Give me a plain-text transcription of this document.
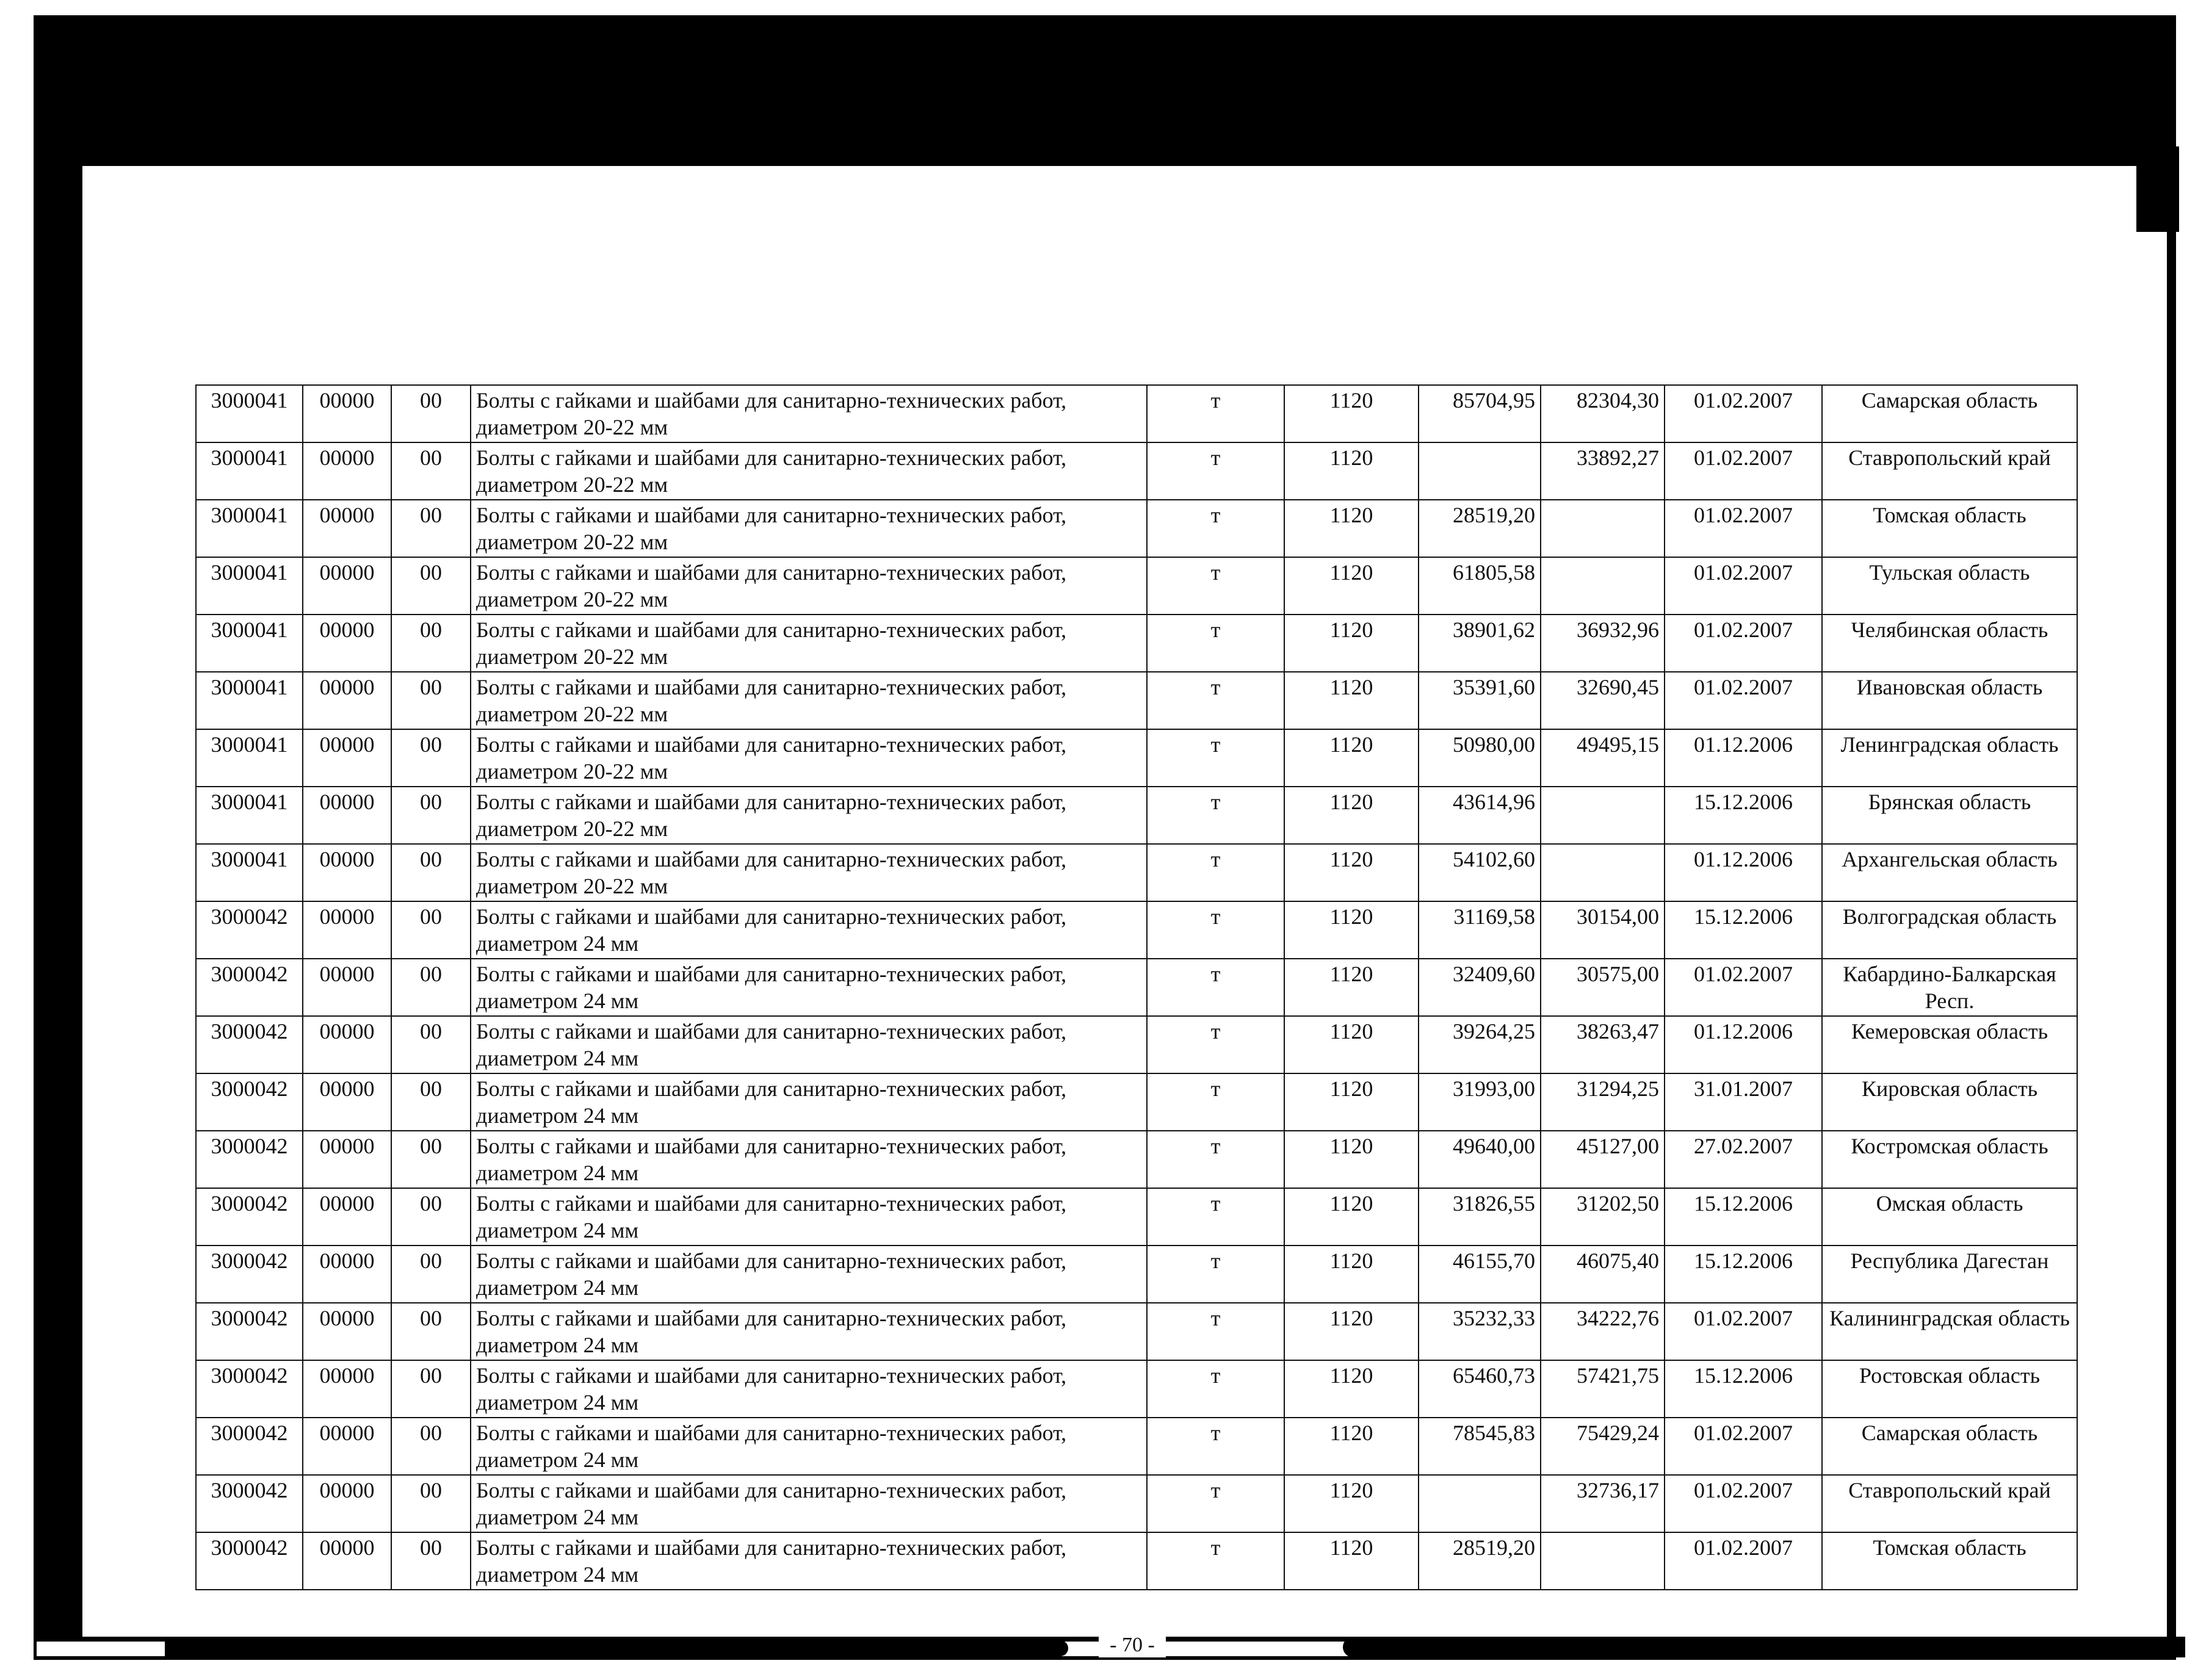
3000041	00000	00	Болты с гайками и шайбами для санитарно-технических работ, диаметром 20-22 мм	т	1120	85704,95	82304,30	01.02.2007	Самарская область
3000041	00000	00	Болты с гайками и шайбами для санитарно-технических работ, диаметром 20-22 мм	т	1120		33892,27	01.02.2007	Ставропольский край
3000041	00000	00	Болты с гайками и шайбами для санитарно-технических работ, диаметром 20-22 мм	т	1120	28519,20		01.02.2007	Томская область
3000041	00000	00	Болты с гайками и шайбами для санитарно-технических работ, диаметром 20-22 мм	т	1120	61805,58		01.02.2007	Тульская область
3000041	00000	00	Болты с гайками и шайбами для санитарно-технических работ, диаметром 20-22 мм	т	1120	38901,62	36932,96	01.02.2007	Челябинская область
3000041	00000	00	Болты с гайками и шайбами для санитарно-технических работ, диаметром 20-22 мм	т	1120	35391,60	32690,45	01.02.2007	Ивановская область
3000041	00000	00	Болты с гайками и шайбами для санитарно-технических работ, диаметром 20-22 мм	т	1120	50980,00	49495,15	01.12.2006	Ленинградская область
3000041	00000	00	Болты с гайками и шайбами для санитарно-технических работ, диаметром 20-22 мм	т	1120	43614,96		15.12.2006	Брянская область
3000041	00000	00	Болты с гайками и шайбами для санитарно-технических работ, диаметром 20-22 мм	т	1120	54102,60		01.12.2006	Архангельская область
3000042	00000	00	Болты с гайками и шайбами для санитарно-технических работ, диаметром 24 мм	т	1120	31169,58	30154,00	15.12.2006	Волгоградская область
3000042	00000	00	Болты с гайками и шайбами для санитарно-технических работ, диаметром 24 мм	т	1120	32409,60	30575,00	01.02.2007	Кабардино-Балкарская Респ.
3000042	00000	00	Болты с гайками и шайбами для санитарно-технических работ, диаметром 24 мм	т	1120	39264,25	38263,47	01.12.2006	Кемеровская область
3000042	00000	00	Болты с гайками и шайбами для санитарно-технических работ, диаметром 24 мм	т	1120	31993,00	31294,25	31.01.2007	Кировская область
3000042	00000	00	Болты с гайками и шайбами для санитарно-технических работ, диаметром 24 мм	т	1120	49640,00	45127,00	27.02.2007	Костромская область
3000042	00000	00	Болты с гайками и шайбами для санитарно-технических работ, диаметром 24 мм	т	1120	31826,55	31202,50	15.12.2006	Омская область
3000042	00000	00	Болты с гайками и шайбами для санитарно-технических работ, диаметром 24 мм	т	1120	46155,70	46075,40	15.12.2006	Республика Дагестан
3000042	00000	00	Болты с гайками и шайбами для санитарно-технических работ, диаметром 24 мм	т	1120	35232,33	34222,76	01.02.2007	Калининградская область
3000042	00000	00	Болты с гайками и шайбами для санитарно-технических работ, диаметром 24 мм	т	1120	65460,73	57421,75	15.12.2006	Ростовская область
3000042	00000	00	Болты с гайками и шайбами для санитарно-технических работ, диаметром 24 мм	т	1120	78545,83	75429,24	01.02.2007	Самарская область
3000042	00000	00	Болты с гайками и шайбами для санитарно-технических работ, диаметром 24 мм	т	1120		32736,17	01.02.2007	Ставропольский край
3000042	00000	00	Болты с гайками и шайбами для санитарно-технических работ, диаметром 24 мм	т	1120	28519,20		01.02.2007	Томская область
- 70 -
